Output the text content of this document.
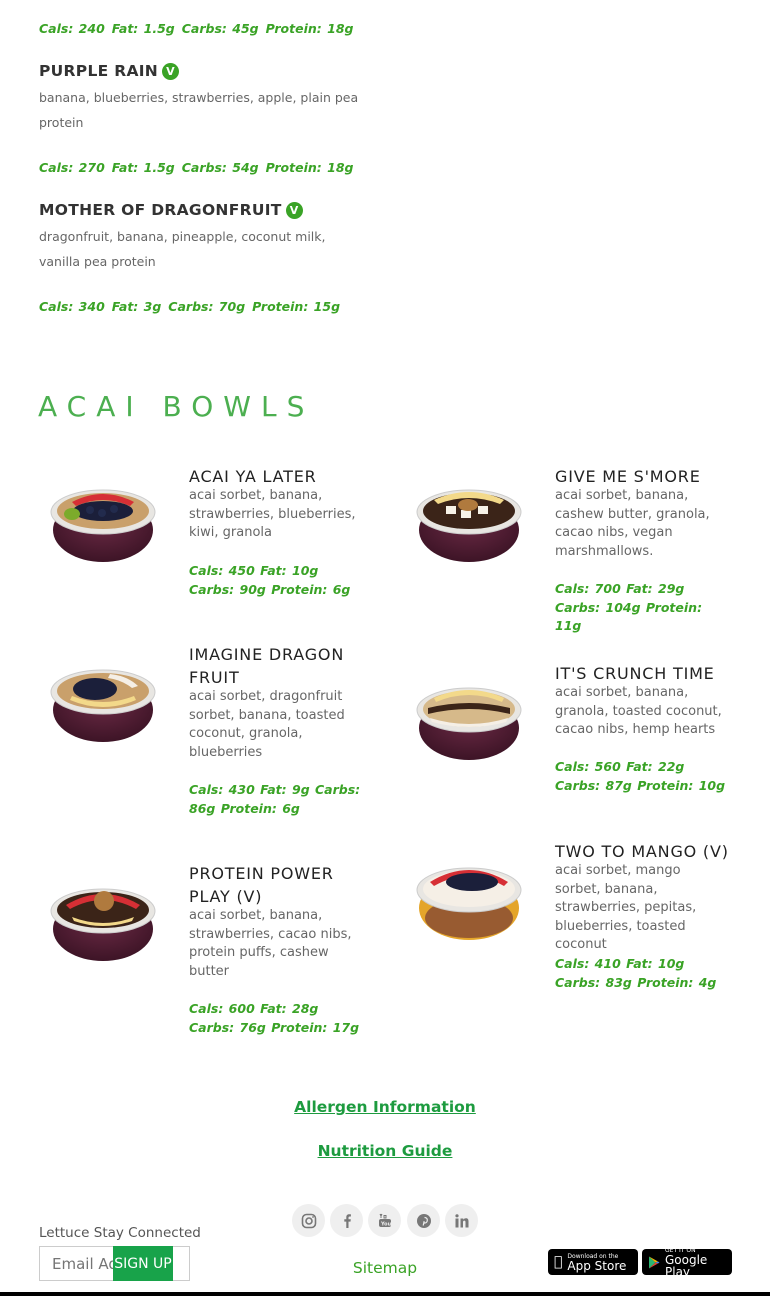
Cals: 240 Fat: 1.5g Carbs: 45g Protein: 18g
PURPLE RAIN V
banana, blueberries, strawberries, apple, plain pea protein
Cals: 270 Fat: 1.5g Carbs: 54g Protein: 18g
MOTHER OF DRAGONFRUIT V
dragonfruit, banana, pineapple, coconut milk, vanilla pea protein
Cals: 340 Fat: 3g Carbs: 70g Protein: 15g
ACAI BOWLS
ACAI YA LATER
acai sorbet, banana, strawberries, blueberries, kiwi, granola
Cals: 450 Fat: 10g Carbs: 90g Protein: 6g
GIVE ME S'MORE
acai sorbet, banana, cashew butter, granola, cacao nibs, vegan marshmallows.
Cals: 700 Fat: 29g Carbs: 104g Protein: 11g
IMAGINE DRAGON FRUIT
acai sorbet, dragonfruit sorbet, banana, toasted coconut, granola, blueberries
Cals: 430 Fat: 9g Carbs: 86g Protein: 6g
IT'S CRUNCH TIME
acai sorbet, banana, granola, toasted coconut, cacao nibs, hemp hearts
Cals: 560 Fat: 22g Carbs: 87g Protein: 10g
PROTEIN POWER PLAY (V)
acai sorbet, banana, strawberries, cacao nibs, protein puffs, cashew butter
Cals: 600 Fat: 28g Carbs: 76g Protein: 17g
TWO TO MANGO (V)
acai sorbet, mango sorbet, banana, strawberries, pepitas, blueberries, toasted coconut
Cals: 410 Fat: 10g Carbs: 83g Protein: 4g
Allergen Information
Nutrition Guide
Lettuce Stay Connected
Email Address
SIGN UP
You
Sitemap
Download on the
App Store
GET IT ON
Google Play
